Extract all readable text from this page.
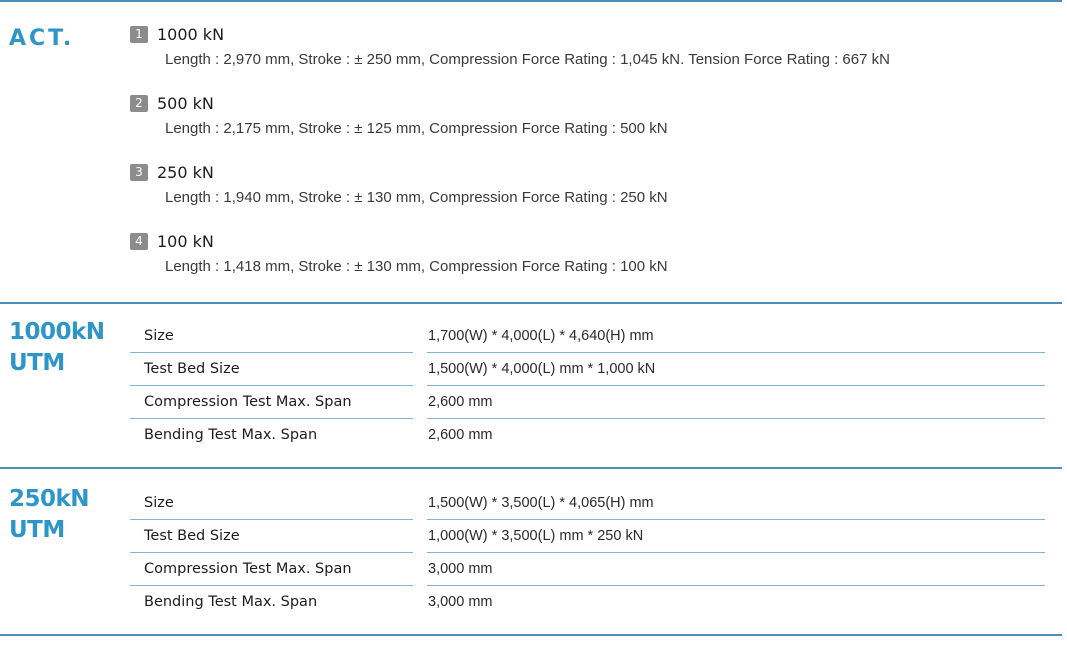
ACT.	1 1000 kN
Length : 2,970 mm, Stroke : ± 250 mm, Compression Force Rating : 1,045 kN. Tension Force Rating : 667 kN
2 500 kN
Length : 2,175 mm, Stroke : ± 125 mm, Compression Force Rating : 500 kN
3 250 kN
Length : 1,940 mm, Stroke : ± 130 mm, Compression Force Rating : 250 kN
4 100 kN
Length : 1,418 mm, Stroke : ± 130 mm, Compression Force Rating : 100 kN
1000kN
UTM
Size	1,700(W) * 4,000(L) * 4,640(H) mm
Test Bed Size	1,500(W) * 4,000(L) mm * 1,000 kN
Compression Test Max. Span	2,600 mm
Bending Test Max. Span	2,600 mm
250kN
UTM
Size	1,500(W) * 3,500(L) * 4,065(H) mm
Test Bed Size	1,000(W) * 3,500(L) mm * 250 kN
Compression Test Max. Span	3,000 mm
Bending Test Max. Span	3,000 mm
